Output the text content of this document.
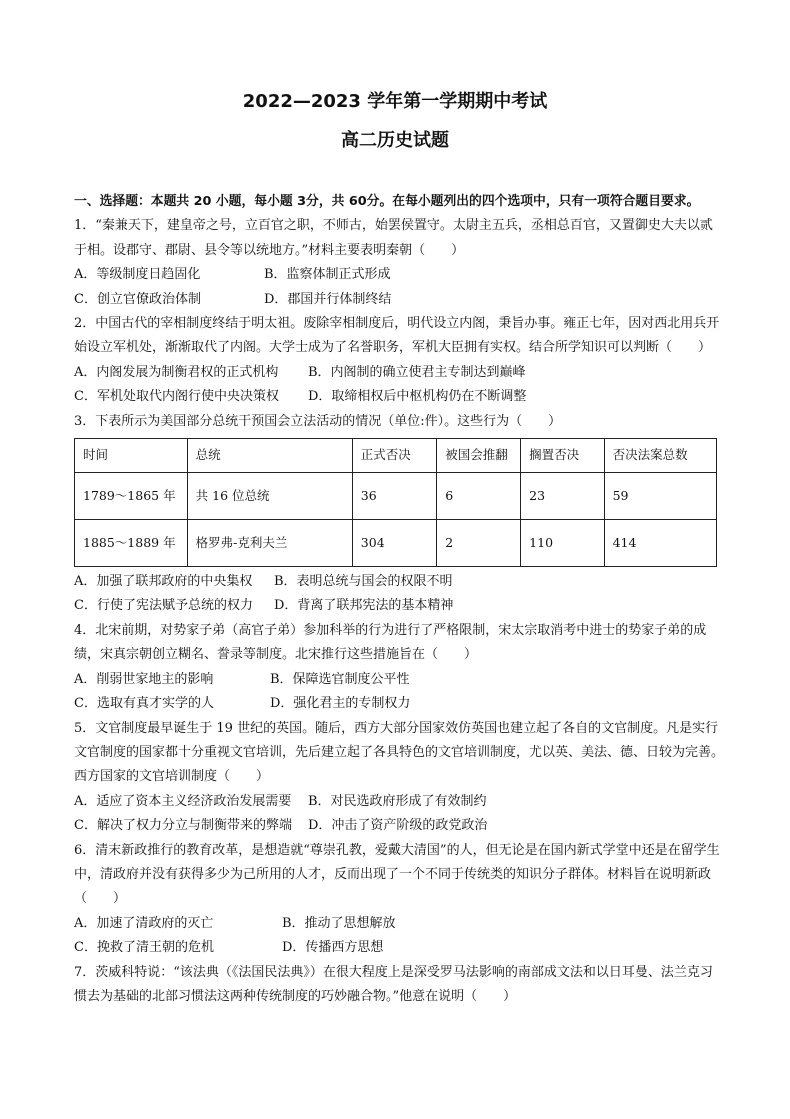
2022—2023 学年第一学期期中考试
高二历史试题

一、选择题：本题共 20 小题，每小题 3分，共 60分。在每小题列出的四个选项中，只有一项符合题目要求。

1．“秦兼天下，建皇帝之号，立百官之职，不师古，始罢侯置守。太尉主五兵，丞相总百官，又置御史大夫以贰于相。设郡守、郡尉、县令等以统地方。”材料主要表明秦朝（　　）

A．等级制度日趋固化	B．监察体制正式形成
C．创立官僚政治体制	D．郡国并行体制终结

2．中国古代的宰相制度终结于明太祖。废除宰相制度后，明代设立内阁，秉旨办事。雍正七年，因对西北用兵开始设立军机处，渐渐取代了内阁。大学士成为了名誉职务，军机大臣拥有实权。结合所学知识可以判断（　　）

A．内阁发展为制衡君权的正式机构	B．内阁制的确立使君主专制达到巅峰
C．军机处取代内阁行使中央决策权	D．取缔相权后中枢机构仍在不断调整

3．下表所示为美国部分总统干预国会立法活动的情况（单位:件）。这些行为（　　）

时间	总统	正式否决	被国会推翻	搁置否决	否决法案总数
1789～1865 年	共 16 位总统	36	6	23	59
1885～1889 年	格罗弗-克利夫兰	304	2	110	414
A．加强了联邦政府的中央集权	B．表明总统与国会的权限不明
C．行使了宪法赋予总统的权力	D．背离了联邦宪法的基本精神

4．北宋前期，对势家子弟（高官子弟）参加科举的行为进行了严格限制，宋太宗取消考中进士的势家子弟的成绩，宋真宗朝创立糊名、誊录等制度。北宋推行这些措施旨在（　　）

A．削弱世家地主的影响	B．保障选官制度公平性
C．选取有真才实学的人	D．强化君主的专制权力

5．文官制度最早诞生于 19 世纪的英国。随后，西方大部分国家效仿英国也建立起了各自的文官制度。凡是实行文官制度的国家都十分重视文官培训，先后建立起了各具特色的文官培训制度，尤以英、美法、德、日较为完善。西方国家的文官培训制度（　　）

A．适应了资本主义经济政治发展需要	B．对民选政府形成了有效制约
C．解决了权力分立与制衡带来的弊端	D．冲击了资产阶级的政党政治

6．清末新政推行的教育改革，是想造就“尊崇孔教，爱戴大清国”的人，但无论是在国内新式学堂中还是在留学生中，清政府并没有获得多少为己所用的人才，反而出现了一个不同于传统类的知识分子群体。材料旨在说明新政（　　）

A．加速了清政府的灭亡	B．推动了思想解放
C．挽救了清王朝的危机	D．传播西方思想

7．茨威科特说：“该法典（《法国民法典》）在很大程度上是深受罗马法影响的南部成文法和以日耳曼、法兰克习惯去为基础的北部习惯法这两种传统制度的巧妙融合物。”他意在说明（　　）
